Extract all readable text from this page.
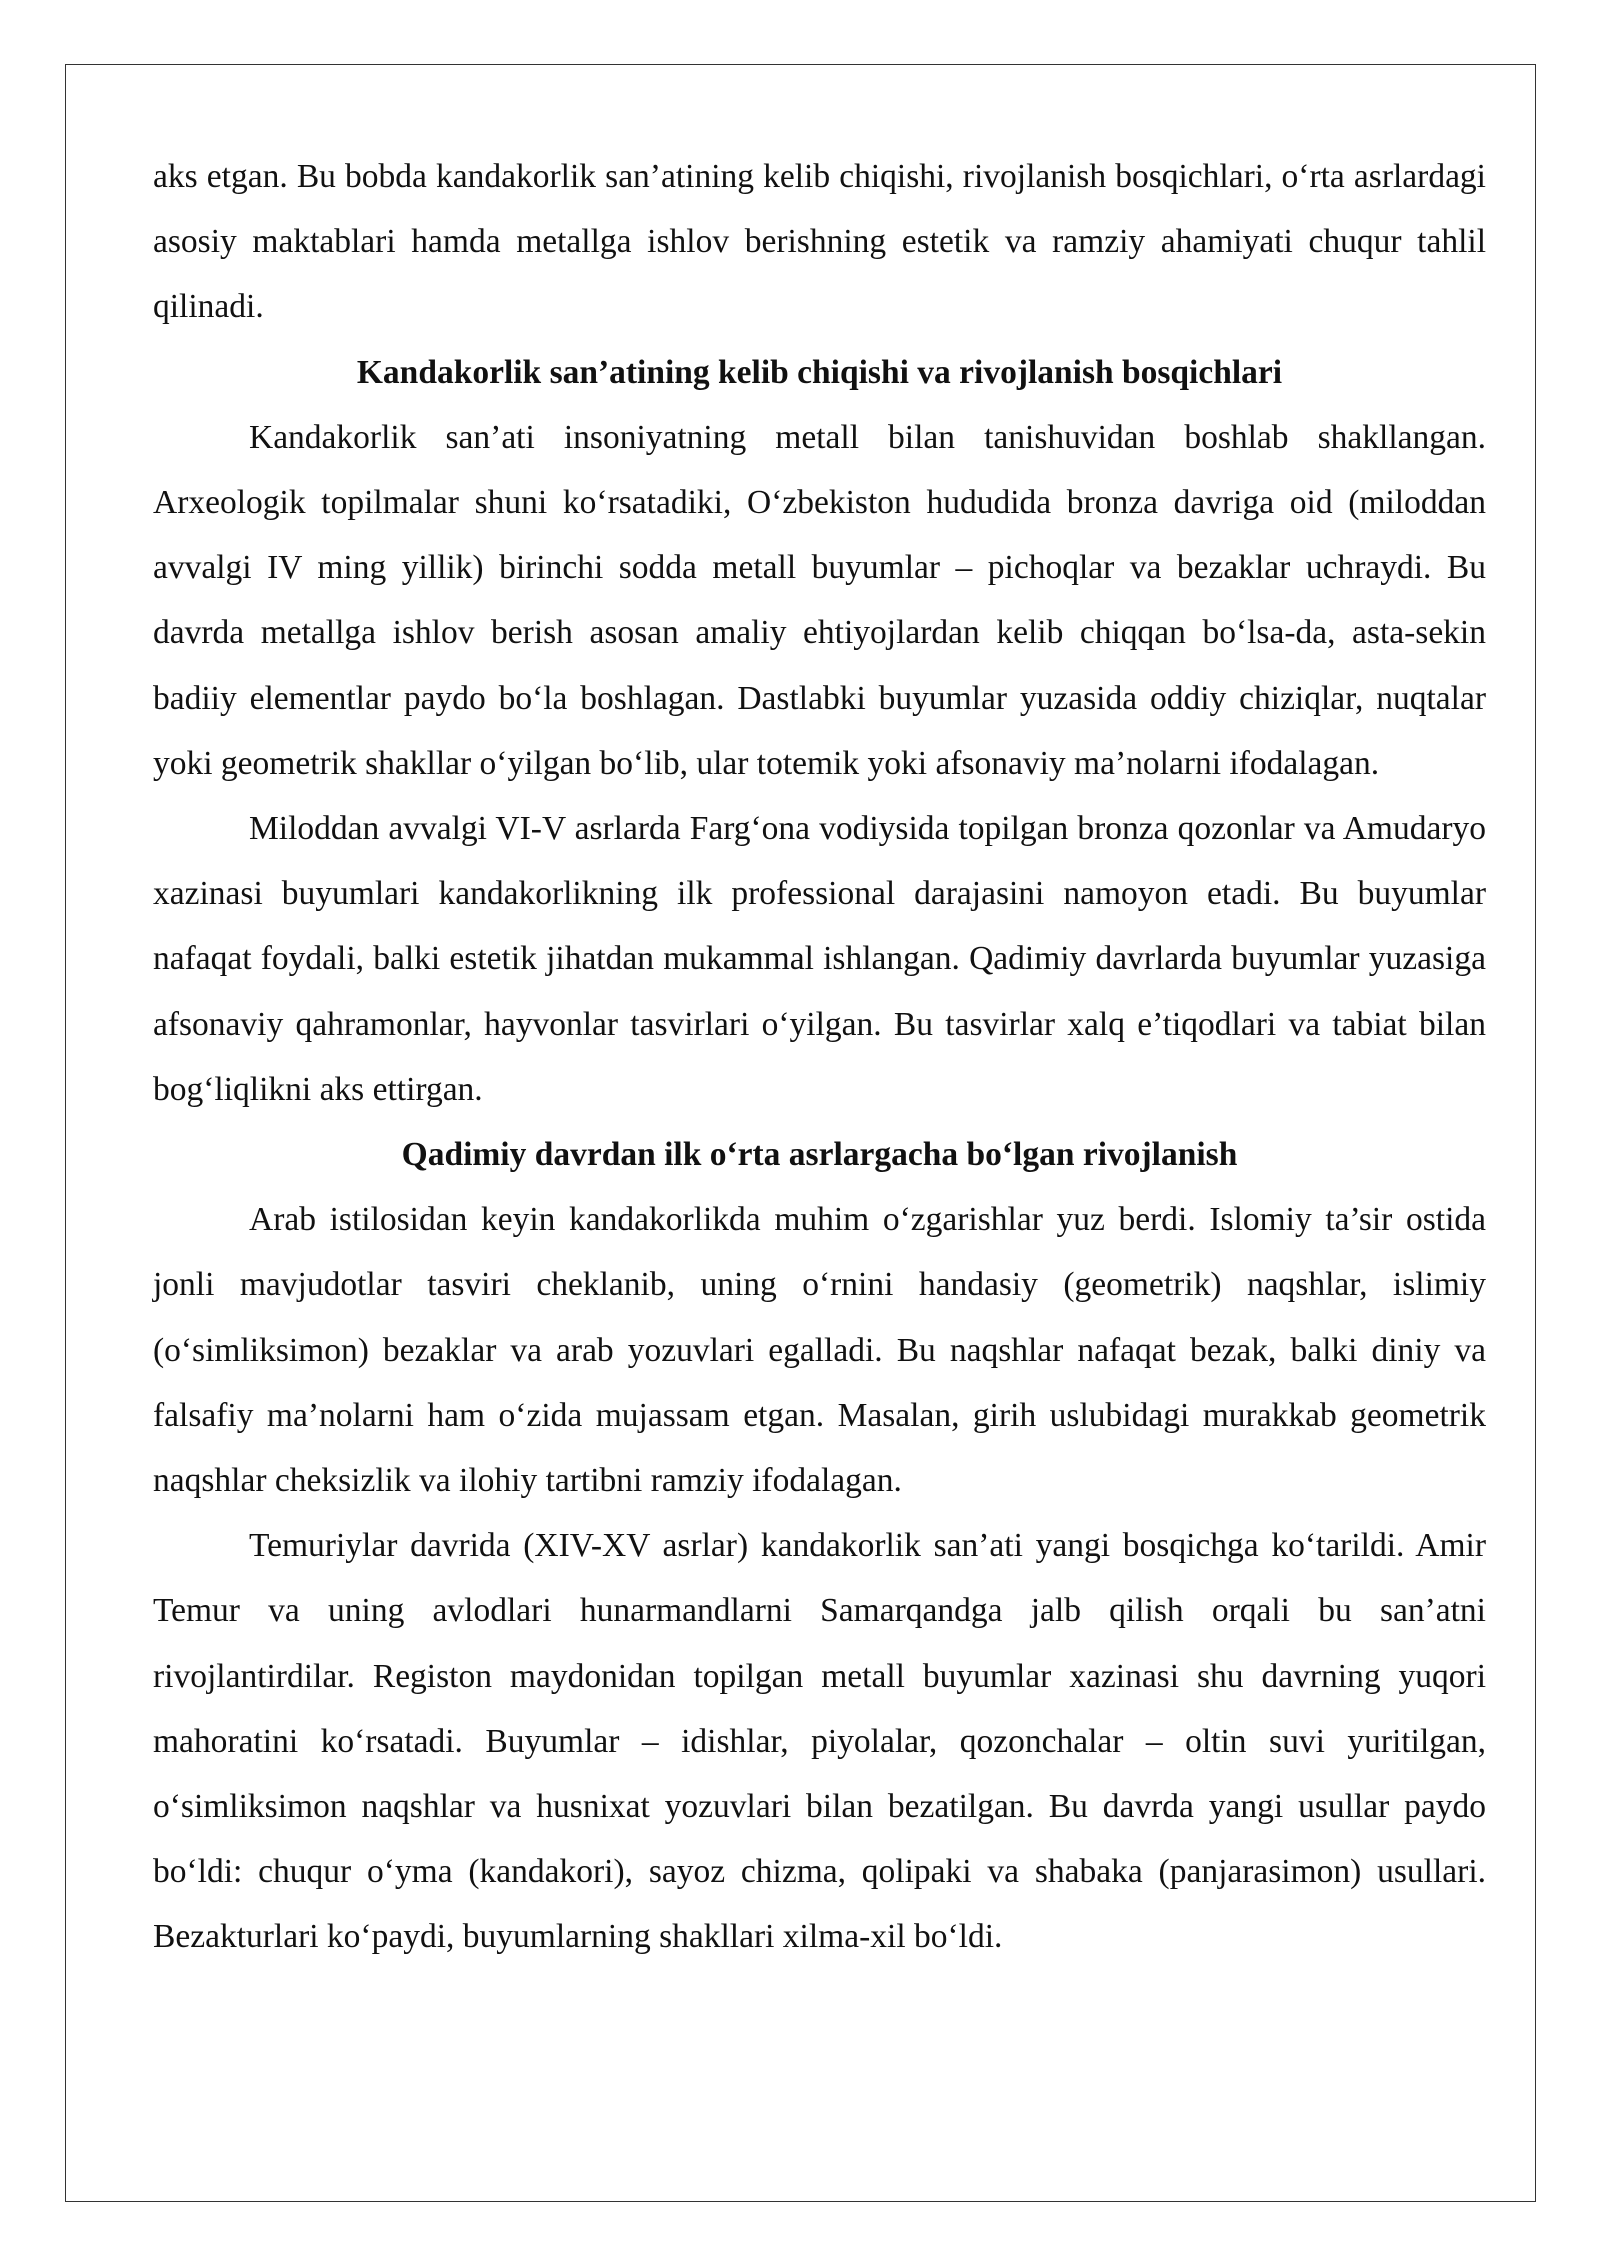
aks etgan. Bu bobda kandakorlik san’atining kelib chiqishi, rivojlanish bosqichlari, o‘rta asrlardagi asosiy maktablari hamda metallga ishlov berishning estetik va ramziy ahamiyati chuqur tahlil qilinadi.

Kandakorlik san’atining kelib chiqishi va rivojlanish bosqichlari

Kandakorlik san’ati insoniyatning metall bilan tanishuvidan boshlab shakllangan. Arxeologik topilmalar shuni ko‘rsatadiki, O‘zbekiston hududida bronza davriga oid (miloddan avvalgi IV ming yillik) birinchi sodda metall buyumlar – pichoqlar va bezaklar uchraydi. Bu davrda metallga ishlov berish asosan amaliy ehtiyojlardan kelib chiqqan bo‘lsa-da, asta-sekin badiiy elementlar paydo bo‘la boshlagan. Dastlabki buyumlar yuzasida oddiy chiziqlar, nuqtalar yoki geometrik shakllar o‘yilgan bo‘lib, ular totemik yoki afsonaviy ma’nolarni ifodalagan.

Miloddan avvalgi VI-V asrlarda Farg‘ona vodiysida topilgan bronza qozonlar va Amudaryo xazinasi buyumlari kandakorlikning ilk professional darajasini namoyon etadi. Bu buyumlar nafaqat foydali, balki estetik jihatdan mukammal ishlangan. Qadimiy davrlarda buyumlar yuzasiga afsonaviy qahramonlar, hayvonlar tasvirlari o‘yilgan. Bu tasvirlar xalq e’tiqodlari va tabiat bilan bog‘liqlikni aks ettirgan.

Qadimiy davrdan ilk o‘rta asrlargacha bo‘lgan rivojlanish

Arab istilosidan keyin kandakorlikda muhim o‘zgarishlar yuz berdi. Islomiy ta’sir ostida jonli mavjudotlar tasviri cheklanib, uning o‘rnini handasiy (geometrik) naqshlar, islimiy (o‘simliksimon) bezaklar va arab yozuvlari egalladi. Bu naqshlar nafaqat bezak, balki diniy va falsafiy ma’nolarni ham o‘zida mujassam etgan. Masalan, girih uslubidagi murakkab geometrik naqshlar cheksizlik va ilohiy tartibni ramziy ifodalagan.

Temuriylar davrida (XIV-XV asrlar) kandakorlik san’ati yangi bosqichga ko‘tarildi. Amir Temur va uning avlodlari hunarmandlarni Samarqandga jalb qilish orqali bu san’atni rivojlantirdilar. Registon maydonidan topilgan metall buyumlar xazinasi shu davrning yuqori mahoratini ko‘rsatadi. Buyumlar – idishlar, piyolalar, qozonchalar – oltin suvi yuritilgan, o‘simliksimon naqshlar va husnixat yozuvlari bilan bezatilgan. Bu davrda yangi usullar paydo bo‘ldi: chuqur o‘yma (kandakori), sayoz chizma, qolipaki va shabaka (panjarasimon) usullari. Bezakturlari ko‘paydi, buyumlarning shakllari xilma-xil bo‘ldi.
